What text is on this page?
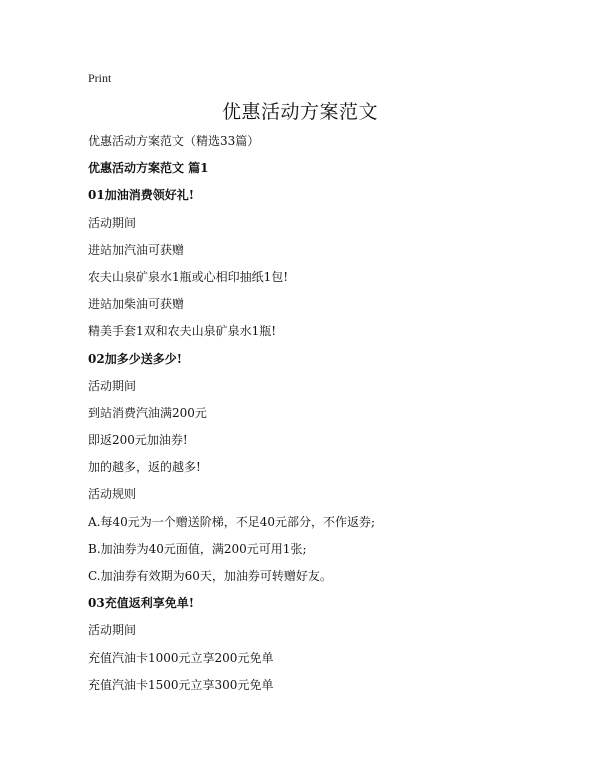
Print
优惠活动方案范文
优惠活动方案范文（精选33篇）
优惠活动方案范文 篇1
01加油消费领好礼!
活动期间
进站加汽油可获赠
农夫山泉矿泉水1瓶或心相印抽纸1包!
进站加柴油可获赠
精美手套1双和农夫山泉矿泉水1瓶!
02加多少送多少!
活动期间
到站消费汽油满200元
即返200元加油券!
加的越多，返的越多!
活动规则
A.每40元为一个赠送阶梯，不足40元部分，不作返券;
B.加油券为40元面值，满200元可用1张;
C.加油券有效期为60天，加油券可转赠好友。
03充值返利享免单!
活动期间
充值汽油卡1000元立享200元免单
充值汽油卡1500元立享300元免单
